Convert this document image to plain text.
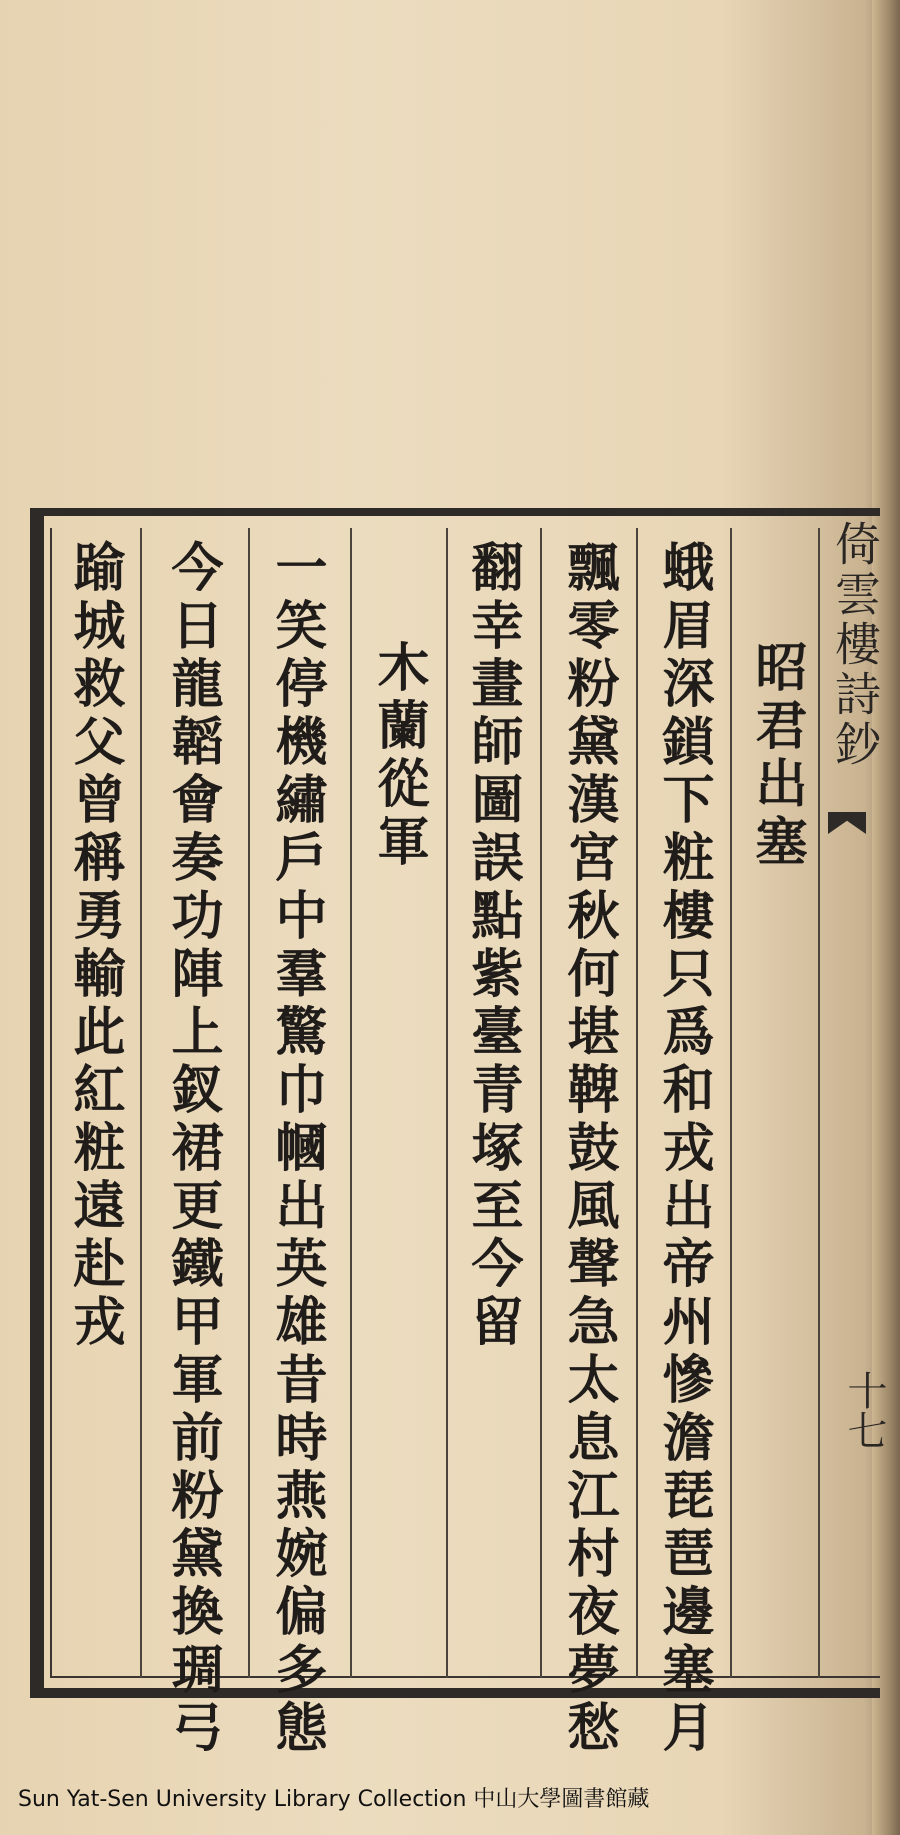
倚雲樓詩鈔
十七
昭君出塞
蛾眉深鎖下粧樓只爲和戎出帝州慘澹琵琶邊塞月
飄零粉黛漢宮秋何堪鞞鼓風聲急太息江村夜夢愁
翻幸畫師圖誤點紫臺青塚至今留
木蘭從軍
一笑停機繡戶中羣驚巾幗出英雄昔時燕婉偏多態
今日龍韜會奏功陣上釵裙更鐵甲軍前粉黛換琱弓
踰城救父曾稱勇輸此紅粧遠赴戎
Sun Yat-Sen University Library Collection 中山大學圖書館藏
